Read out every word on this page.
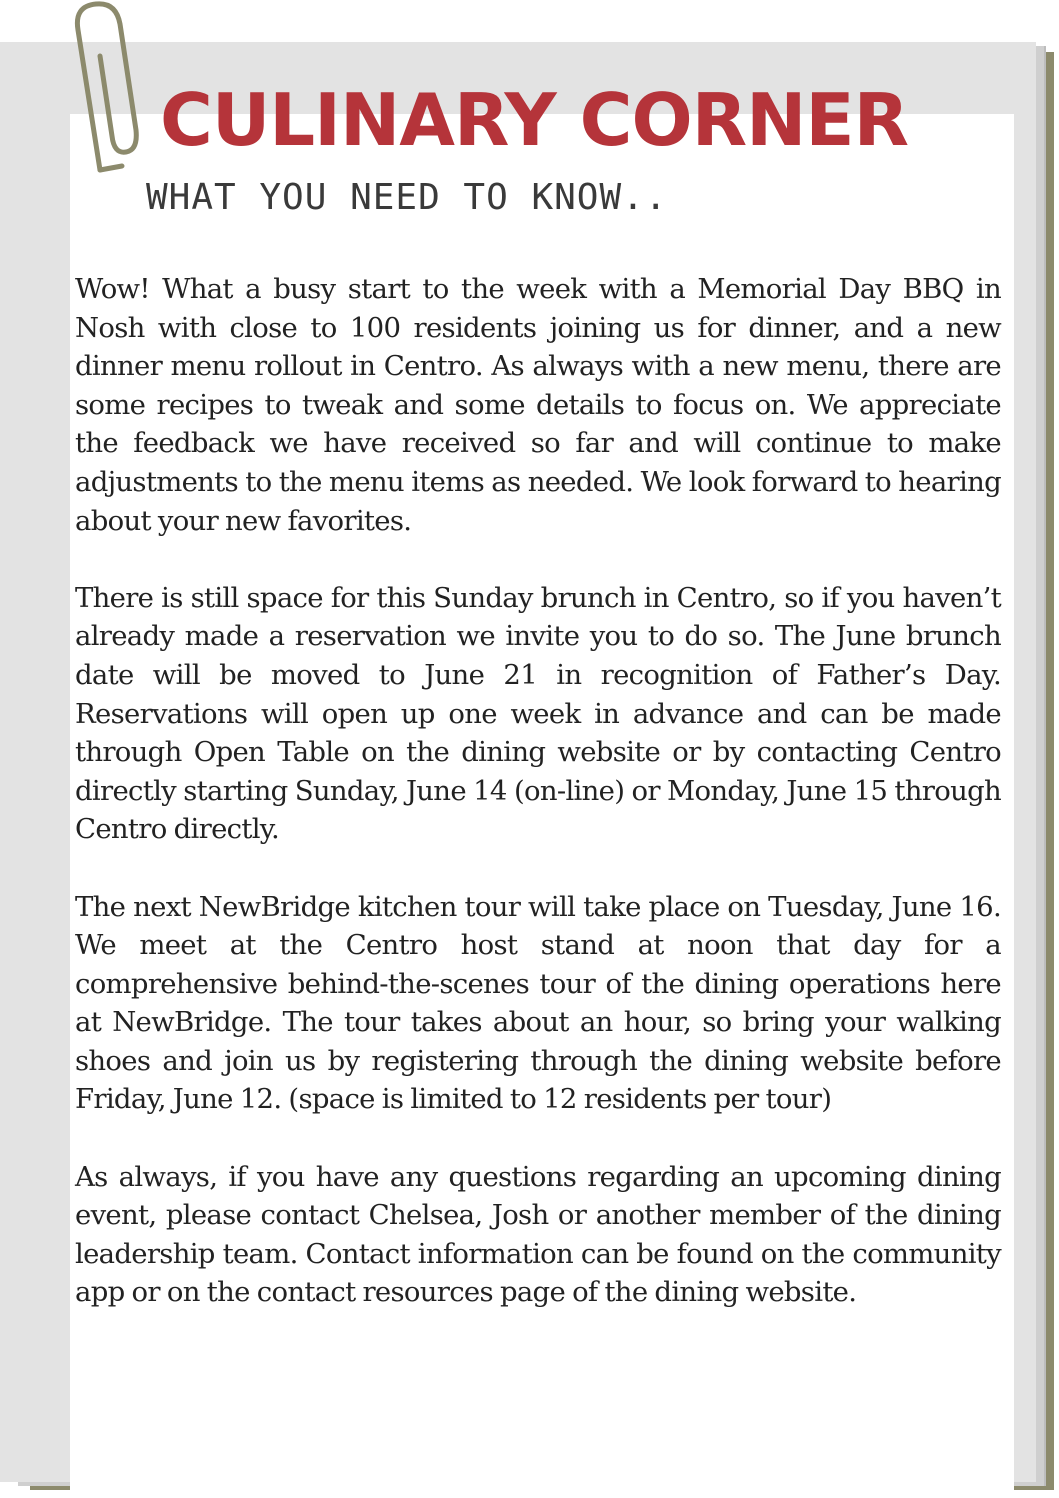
CULINARY CORNER
WHAT YOU NEED TO KNOW..

Wow! What a busy start to the week with a Memorial Day BBQ in Nosh with close to 100 residents joining us for dinner, and a new dinner menu rollout in Centro. As always with a new menu, there are some recipes to tweak and some details to focus on. We appreciate the feedback we have received so far and will continue to make adjustments to the menu items as needed. We look forward to hearing about your new favorites.

There is still space for this Sunday brunch in Centro, so if you haven’t already made a reservation we invite you to do so. The June brunch date will be moved to June 21 in recognition of Father’s Day. Reservations will open up one week in advance and can be made through Open Table on the dining website or by contacting Centro directly starting Sunday, June 14 (on-line) or Monday, June 15 through Centro directly.

The next NewBridge kitchen tour will take place on Tuesday, June 16. We meet at the Centro host stand at noon that day for a comprehensive behind-the-scenes tour of the dining operations here at NewBridge. The tour takes about an hour, so bring your walking shoes and join us by registering through the dining website before Friday, June 12. (space is limited to 12 residents per tour)

As always, if you have any questions regarding an upcoming dining event, please contact Chelsea, Josh or another member of the dining leadership team. Contact information can be found on the community app or on the contact resources page of the dining website.
